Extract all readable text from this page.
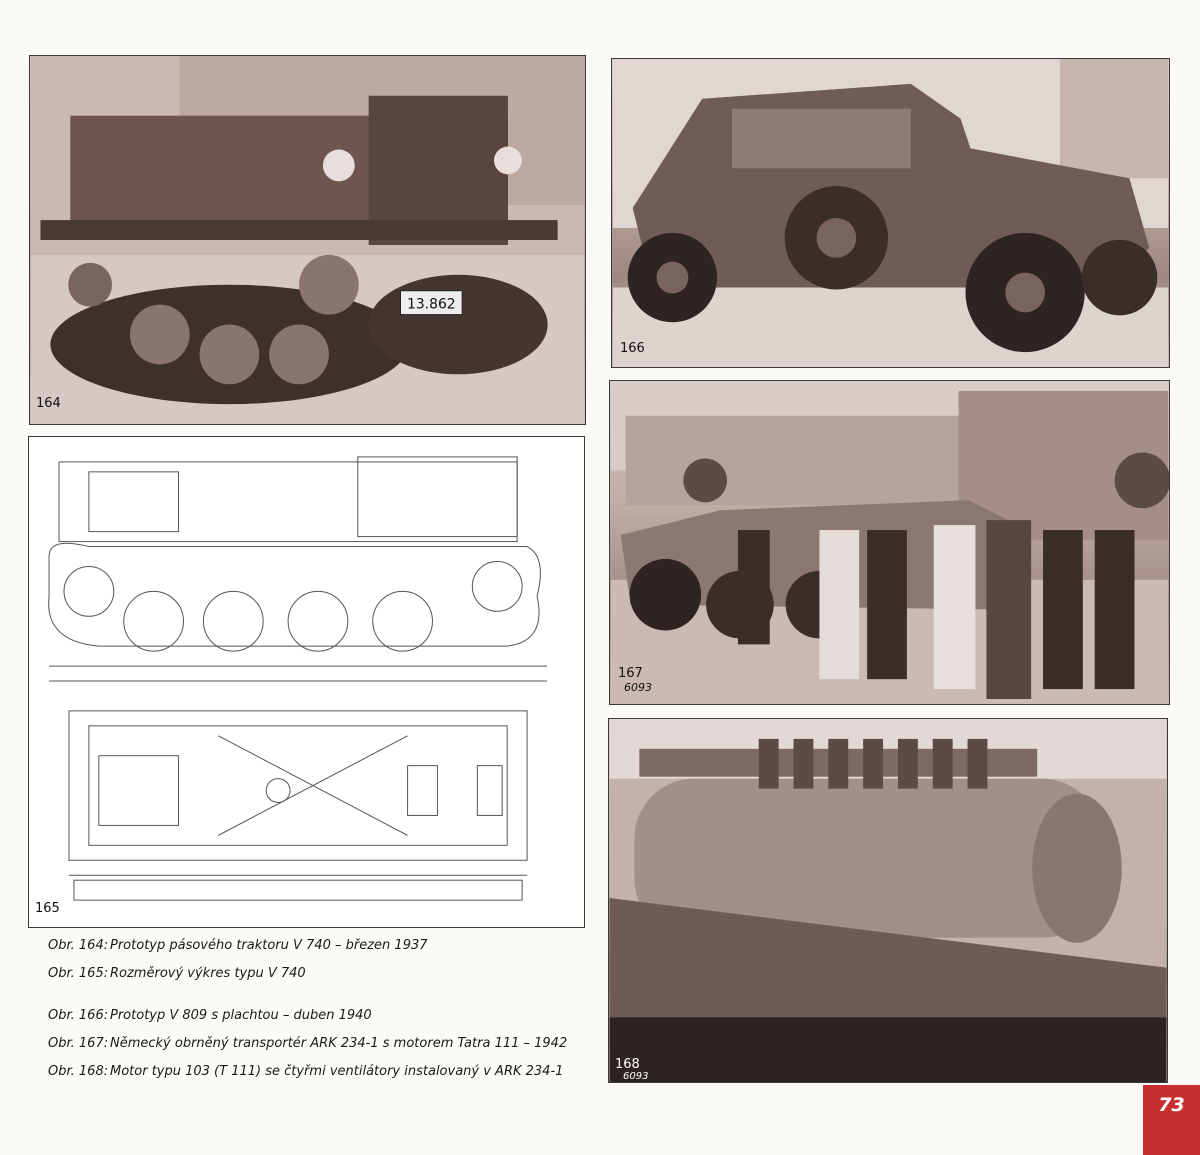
13.862
164
166
167
6093
168
6093
165
Obr. 164: Prototyp pásového traktoru V 740 – březen 1937
Obr. 165: Rozměrový výkres typu V 740
Obr. 166: Prototyp V 809 s plachtou – duben 1940
Obr. 167: Německý obrněný transportér ARK 234-1 s motorem Tatra 111 – 1942
Obr. 168: Motor typu 103 (T 111) se čtyřmi ventilátory instalovaný v ARK 234-1
73
